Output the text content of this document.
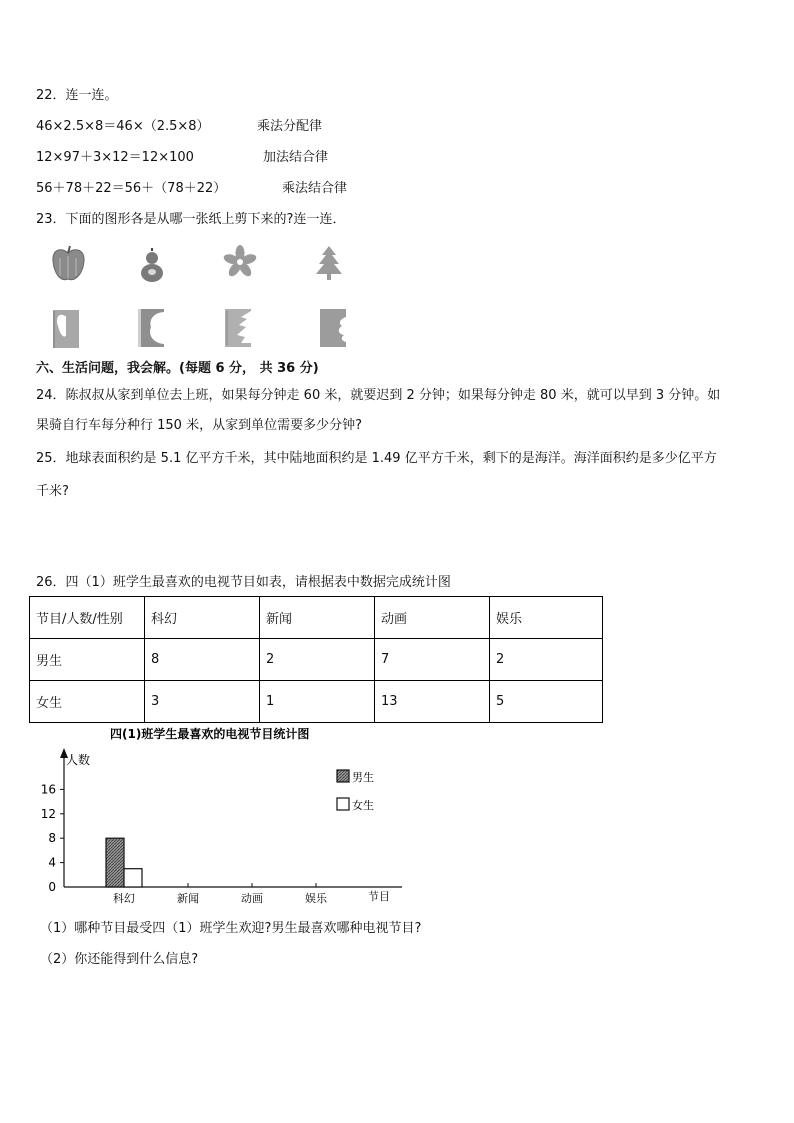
22．连一连。
46×2.5×8＝46×（2.5×8）	乘法分配律
12×97＋3×12＝12×100	加法结合律
56＋78＋22＝56＋（78＋22）	乘法结合律
23．下面的图形各是从哪一张纸上剪下来的?连一连．
六、生活问题，我会解。(每题 6 分， 共 36 分)
24．陈叔叔从家到单位去上班，如果每分钟走 60 米，就要迟到 2 分钟；如果每分钟走 80 米，就可以早到 3 分钟。如
果骑自行车每分种行 150 米，从家到单位需要多少分钟?
25．地球表面积约是 5.1 亿平方千米，其中陆地面积约是 1.49 亿平方千米，剩下的是海洋。海洋面积约是多少亿平方
千米?
26．四（1）班学生最喜欢的电视节目如表，请根据表中数据完成统计图
节目/人数/性别	科幻	新闻	动画	娱乐
男生	8	2	7	2
女生	3	1	13	5
四(1)班学生最喜欢的电视节目统计图
人数
节目
0
4
8
12
16
科幻	新闻	动画	娱乐
男生
女生
（1）哪种节目最受四（1）班学生欢迎?男生最喜欢哪种电视节目?
（2）你还能得到什么信息?
